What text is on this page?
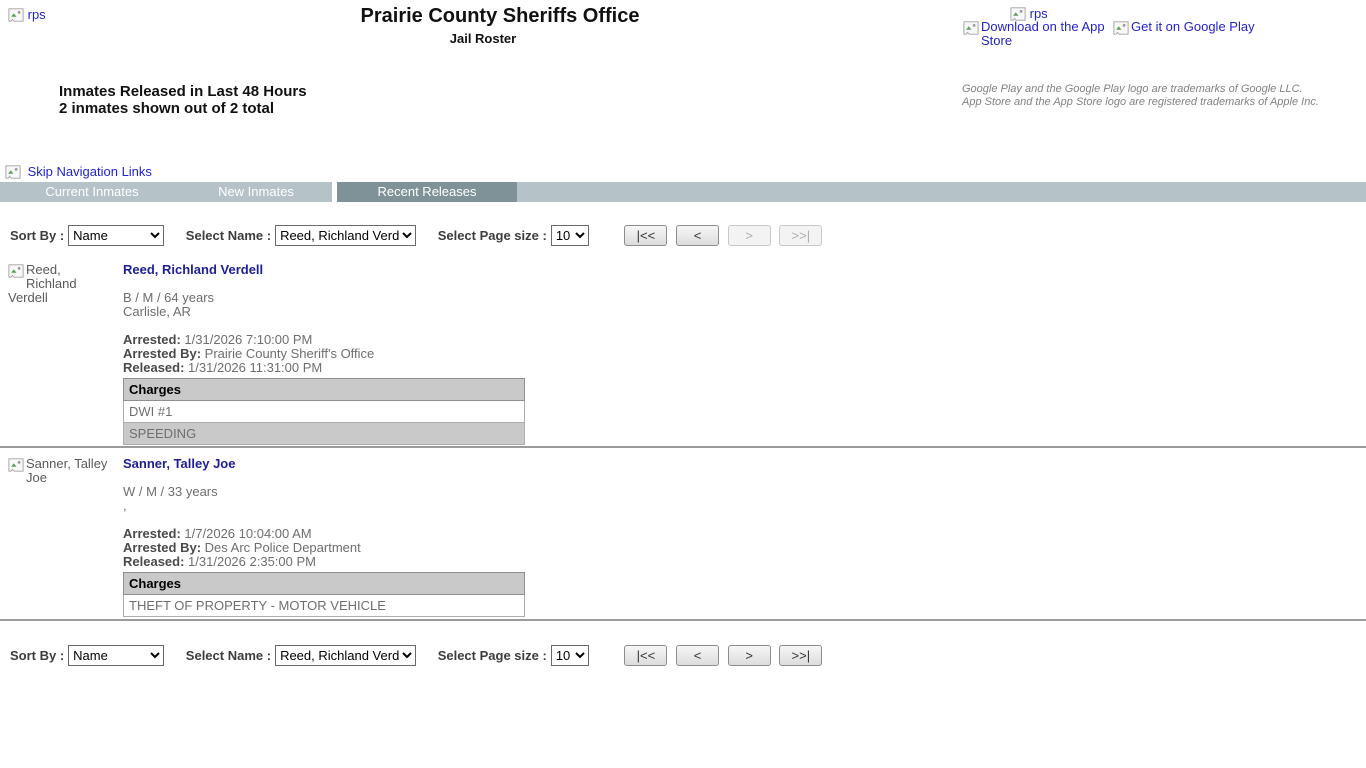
rps	Prairie County Sheriffs Office
Jail Roster
rps
Download on the App Store
Get it on Google Play
Google Play and the Google Play logo are trademarks of Google LLC.
App Store and the App Store logo are registered trademarks of Apple Inc.
Inmates Released in Last 48 Hours
2 inmates shown out of 2 total
Skip Navigation Links
Current Inmates	New Inmates	Recent Releases
Sort By :
Name	Select Name :
Reed, Richland Verdell	Select Page size :
10	|<<	<	>	>>|
Reed,
Richland
Verdell
Reed, Richland Verdell

B / M / 64 years

Carlisle, AR

Arrested: 1/31/2026 7:10:00 PM

Arrested By: Prairie County Sheriff's Office

Released: 1/31/2026 11:31:00 PM

Charges
DWI #1
SPEEDING
Sanner, Talley
Joe
Sanner, Talley Joe

W / M / 33 years

,

Arrested: 1/7/2026 10:04:00 AM

Arrested By: Des Arc Police Department

Released: 1/31/2026 2:35:00 PM

Charges
THEFT OF PROPERTY - MOTOR VEHICLE
Sort By :
Name	Select Name :
Reed, Richland Verdell	Select Page size :
10	|<<	<	>	>>|
